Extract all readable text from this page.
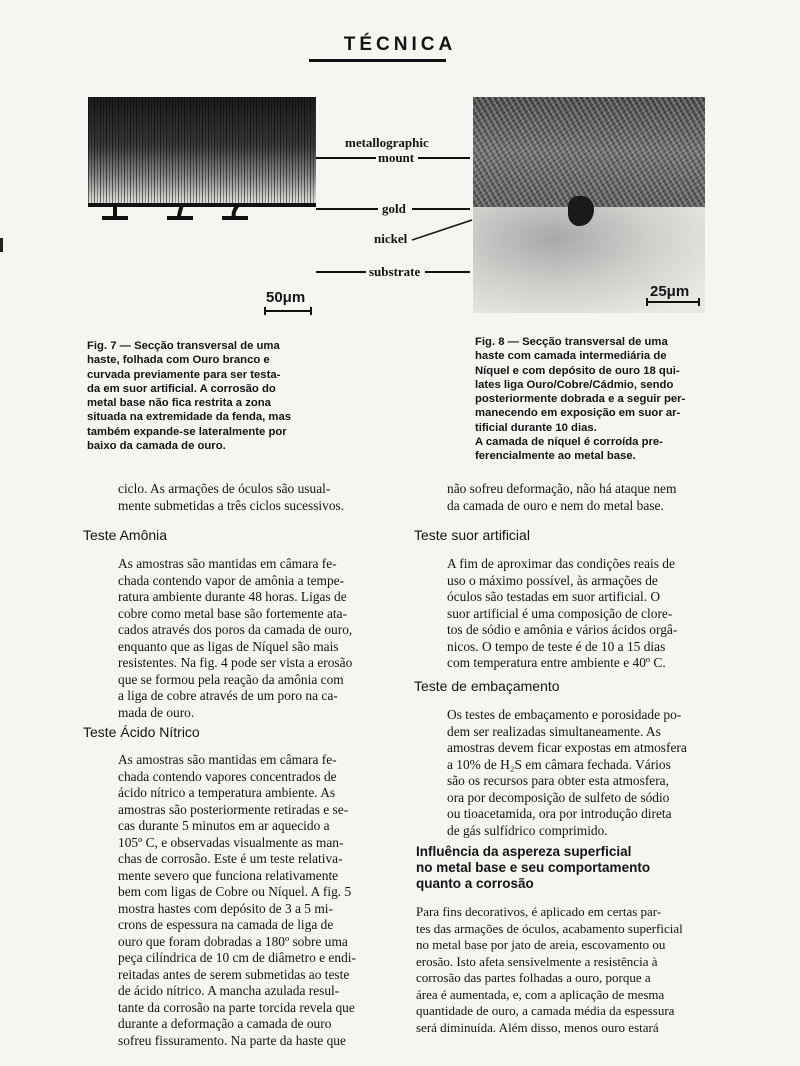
TÉCNICA
50μm	25μm
metallographic
mount
gold
nickel
substrate

Fig. 7 — Secção transversal de uma

haste, folhada com Ouro branco e

curvada previamente para ser testa-

da em suor artificial. A corrosão do

metal base não fica restrita a zona

situada na extremidade da fenda, mas

também expande-se lateralmente por

baixo da camada de ouro.

Fig. 8 — Secção transversal de uma

haste com camada intermediária de

Níquel e com depósito de ouro 18 qui-

lates liga Ouro/Cobre/Cádmio, sendo

posteriormente dobrada e a seguir per-

manecendo em exposição em suor ar-

tificial durante 10 dias.

A camada de níquel é corroída pre-

ferencialmente ao metal base.

ciclo. As armações de óculos são usual-

mente submetidas a três ciclos sucessivos.

Teste Amônia

As amostras são mantidas em câmara fe-

chada contendo vapor de amônia a tempe-

ratura ambiente durante 48 horas. Ligas de

cobre como metal base são fortemente ata-

cados através dos poros da camada de ouro,

enquanto que as ligas de Níquel são mais

resistentes. Na fig. 4 pode ser vista a erosão

que se formou pela reação da amônia com

a liga de cobre através de um poro na ca-

mada de ouro.

Teste Ácido Nítrico

As amostras são mantidas em câmara fe-

chada contendo vapores concentrados de

ácido nítrico a temperatura ambiente. As

amostras são posteriormente retiradas e se-

cas durante 5 minutos em ar aquecido a

105º C, e observadas visualmente as man-

chas de corrosão. Este é um teste relativa-

mente severo que funciona relativamente

bem com ligas de Cobre ou Níquel. A fig. 5

mostra hastes com depósito de 3 a 5 mi-

crons de espessura na camada de liga de

ouro que foram dobradas a 180º sobre uma

peça cilíndrica de 10 cm de diâmetro e endi-

reitadas antes de serem submetidas ao teste

de ácido nítrico. A mancha azulada resul-

tante da corrosão na parte torcida revela que

durante a deformação a camada de ouro

sofreu fissuramento. Na parte da haste que

não sofreu deformação, não há ataque nem

da camada de ouro e nem do metal base.

Teste suor artificial

A fim de aproximar das condições reais de

uso o máximo possível, às armações de

óculos são testadas em suor artificial. O

suor artificial é uma composição de clore-

tos de sódio e amônia e vários ácidos orgâ-

nicos. O tempo de teste é de 10 a 15 dias

com temperatura entre ambiente e 40º C.

Teste de embaçamento

Os testes de embaçamento e porosidade po-

dem ser realizadas simultaneamente. As

amostras devem ficar expostas em atmosfera

a 10% de H₂S em câmara fechada. Vários

são os recursos para obter esta atmosfera,

ora por decomposição de sulfeto de sódio

ou tioacetamida, ora por introdução direta

de gás sulfídrico comprimido.

Influência da aspereza superficial

no metal base e seu comportamento

quanto a corrosão

Para fins decorativos, é aplicado em certas par-

tes das armações de óculos, acabamento superficial

no metal base por jato de areia, escovamento ou

erosão. Isto afeta sensivelmente a resistência à

corrosão das partes folhadas a ouro, porque a

área é aumentada, e, com a aplicação de mesma

quantidade de ouro, a camada média da espessura

será diminuída. Além disso, menos ouro estará
